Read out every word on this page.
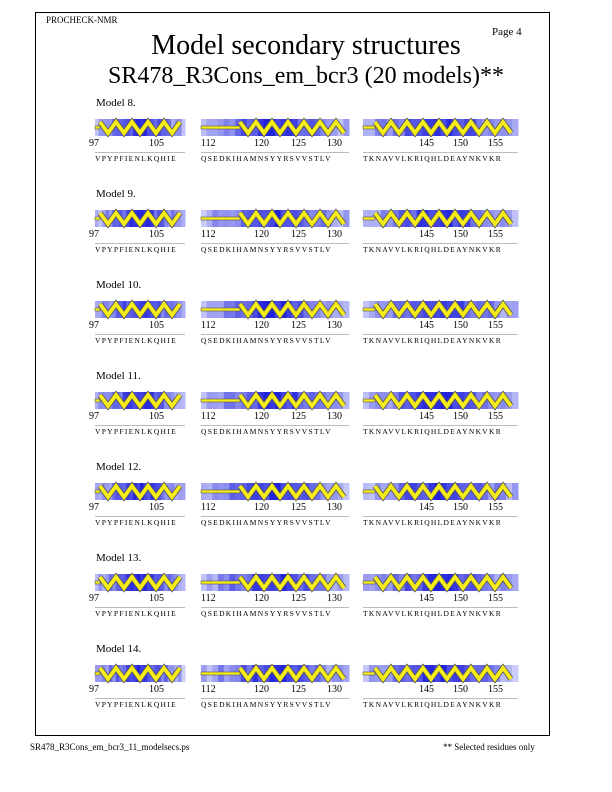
PROCHECK-NMR
Page 4
Model secondary structures
SR478_R3Cons_em_bcr3 (20 models)**
Model 8.
97	105
VPYPFIENLKQHIE
112	120 125 130
QSEDKIHAMNSYYRSVVSTLV
145 150 155
TKNAVVLKRIQHLDEAYNKVKR
Model 9.
97	105
VPYPFIENLKQHIE
112	120 125 130
QSEDKIHAMNSYYRSVVSTLV
145 150 155
TKNAVVLKRIQHLDEAYNKVKR
Model 10.
97	105
VPYPFIENLKQHIE
112	120 125 130
QSEDKIHAMNSYYRSVVSTLV
145 150 155
TKNAVVLKRIQHLDEAYNKVKR
Model 11.
97	105
VPYPFIENLKQHIE
112	120 125 130
QSEDKIHAMNSYYRSVVSTLV
145 150 155
TKNAVVLKRIQHLDEAYNKVKR
Model 12.
97	105
VPYPFIENLKQHIE
112	120 125 130
QSEDKIHAMNSYYRSVVSTLV
145 150 155
TKNAVVLKRIQHLDEAYNKVKR
Model 13.
97	105
VPYPFIENLKQHIE
112	120 125 130
QSEDKIHAMNSYYRSVVSTLV
145 150 155
TKNAVVLKRIQHLDEAYNKVKR
Model 14.
97	105
VPYPFIENLKQHIE
112	120 125 130
QSEDKIHAMNSYYRSVVSTLV
145 150 155
TKNAVVLKRIQHLDEAYNKVKR
SR478_R3Cons_em_bcr3_11_modelsecs.ps	** Selected residues only
